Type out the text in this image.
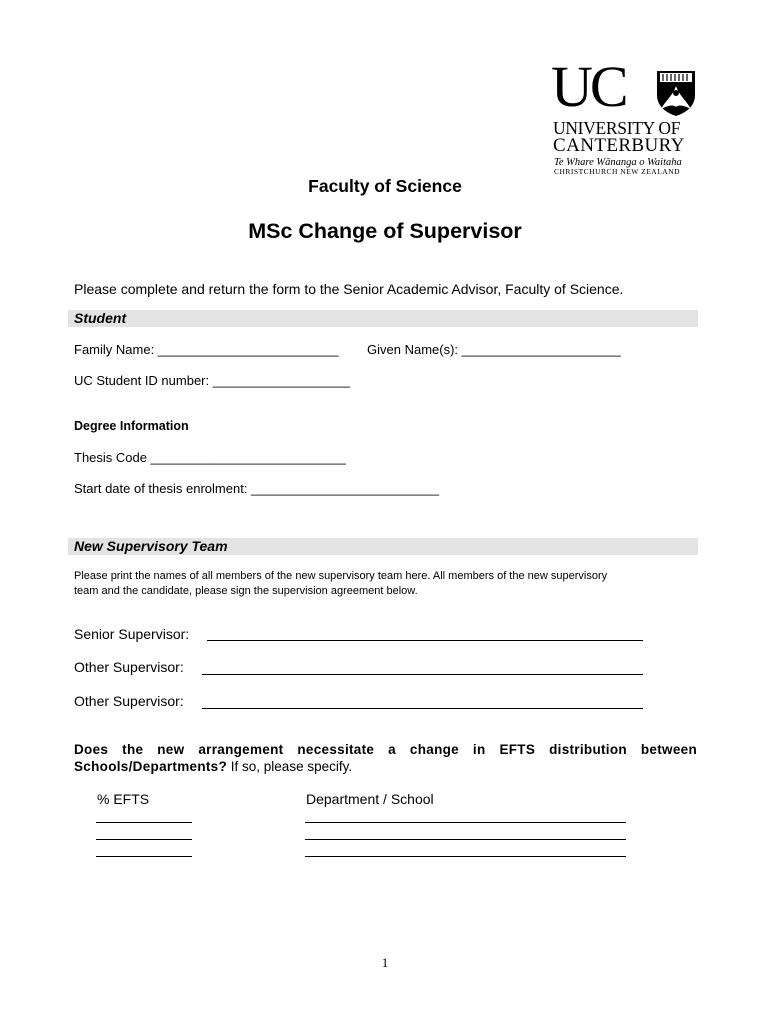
UC
UNIVERSITY OF
CANTERBURY
Te Whare Wānanga o Waitaha
CHRISTCHURCH NEW ZEALAND
Faculty of Science
MSc Change of Supervisor
Please complete and return the form to the Senior Academic Advisor, Faculty of Science.
Student
Family Name: _________________________ Given Name(s): ______________________
UC Student ID number: ___________________
Degree Information
Thesis Code ___________________________
Start date of thesis enrolment: __________________________
New Supervisory Team
Please print the names of all members of the new supervisory team here. All members of the new supervisory
team and the candidate, please sign the supervision agreement below.
Senior Supervisor:
Other Supervisor:
Other Supervisor:
Does the new arrangement necessitate a change in EFTS distribution between Schools/Departments? If so, please specify.
% EFTS	Department / School
1
